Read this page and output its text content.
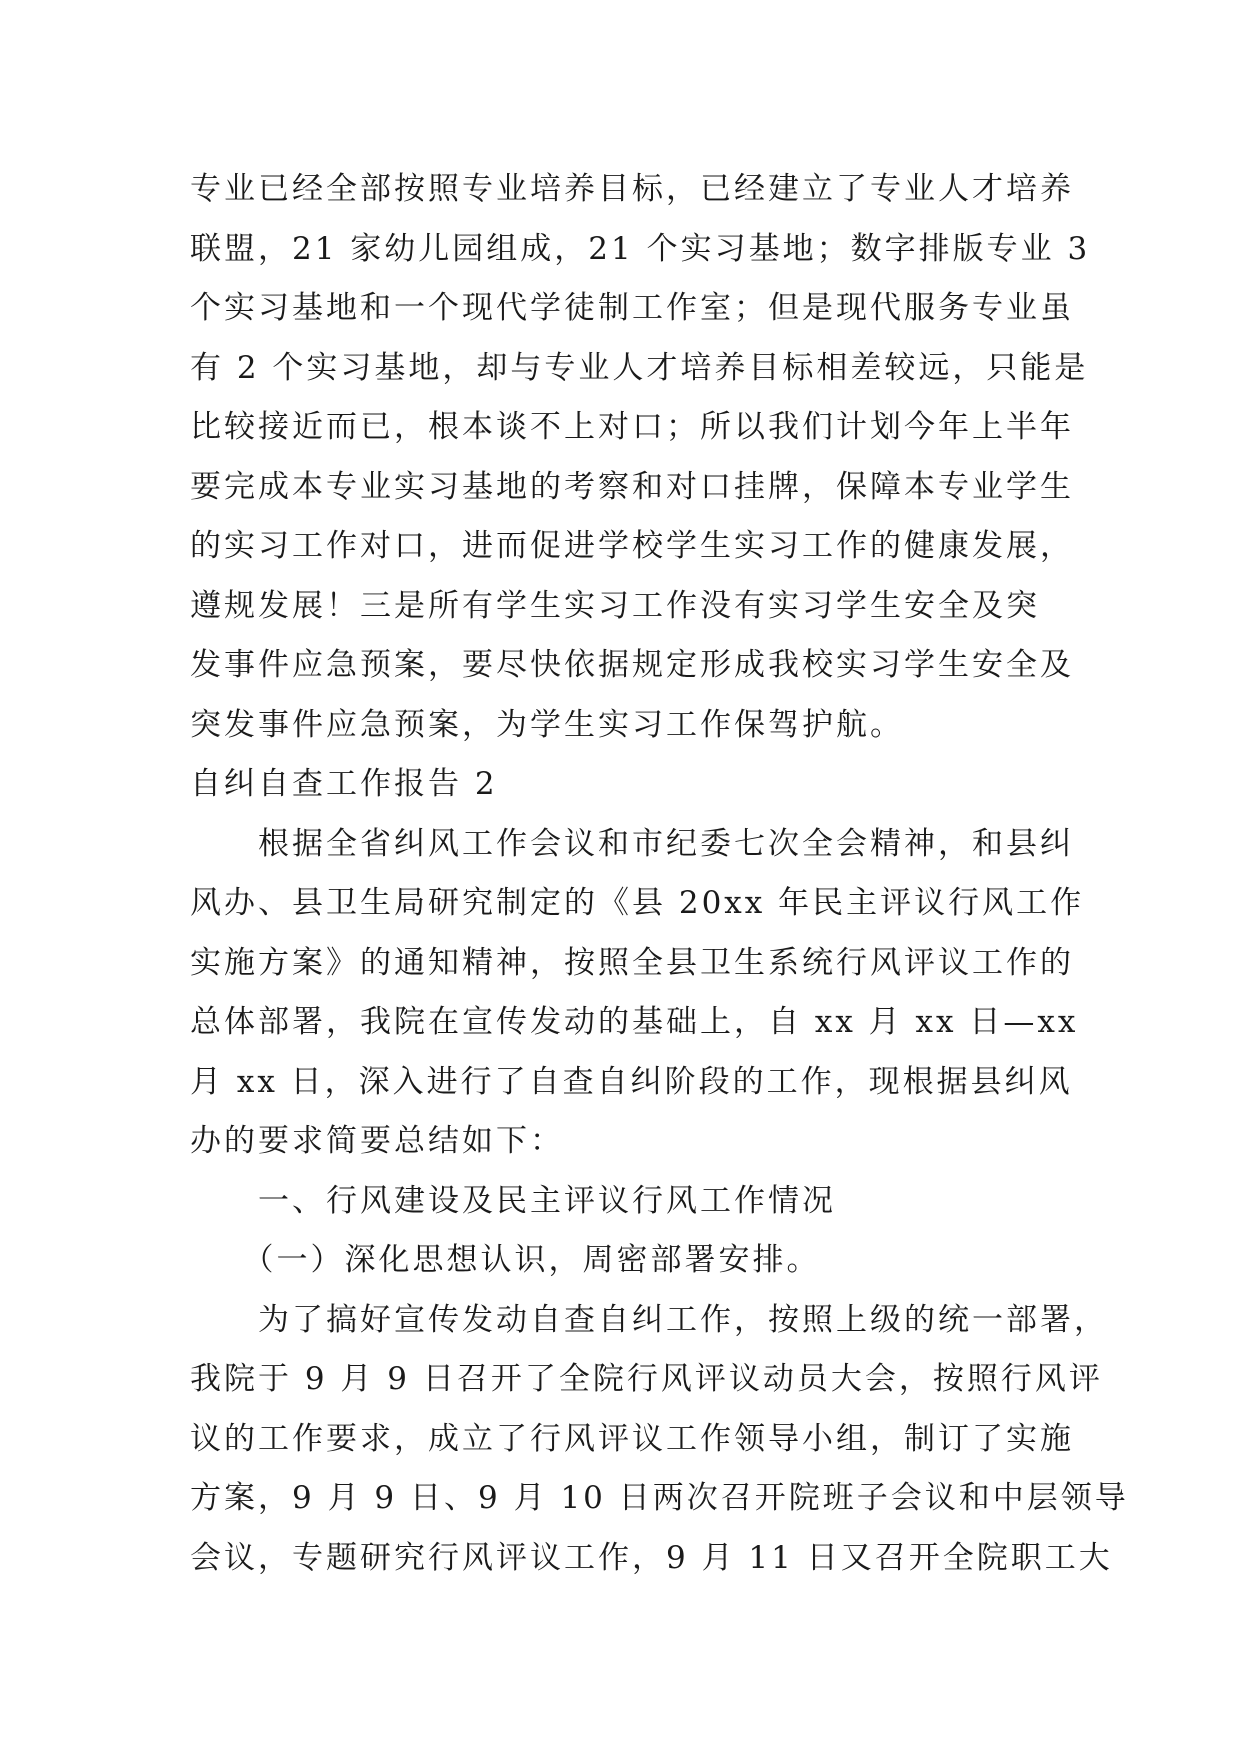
专业已经全部按照专业培养目标，已经建立了专业人才培养
联盟，21 家幼儿园组成，21 个实习基地；数字排版专业 3
个实习基地和一个现代学徒制工作室；但是现代服务专业虽
有 2 个实习基地，却与专业人才培养目标相差较远，只能是
比较接近而已，根本谈不上对口；所以我们计划今年上半年
要完成本专业实习基地的考察和对口挂牌，保障本专业学生
的实习工作对口，进而促进学校学生实习工作的健康发展，
遵规发展！三是所有学生实习工作没有实习学生安全及突
发事件应急预案，要尽快依据规定形成我校实习学生安全及
突发事件应急预案，为学生实习工作保驾护航。
自纠自查工作报告 2
　　根据全省纠风工作会议和市纪委七次全会精神，和县纠
风办、县卫生局研究制定的《县 20xx 年民主评议行风工作
实施方案》的通知精神，按照全县卫生系统行风评议工作的
总体部署，我院在宣传发动的基础上，自 xx 月 xx 日—xx
月 xx 日，深入进行了自查自纠阶段的工作，现根据县纠风
办的要求简要总结如下：
　　一、行风建设及民主评议行风工作情况
　　（一）深化思想认识，周密部署安排。
　　为了搞好宣传发动自查自纠工作，按照上级的统一部署，
我院于 9 月 9 日召开了全院行风评议动员大会，按照行风评
议的工作要求，成立了行风评议工作领导小组，制订了实施
方案，9 月 9 日、9 月 10 日两次召开院班子会议和中层领导
会议，专题研究行风评议工作，9 月 11 日又召开全院职工大
